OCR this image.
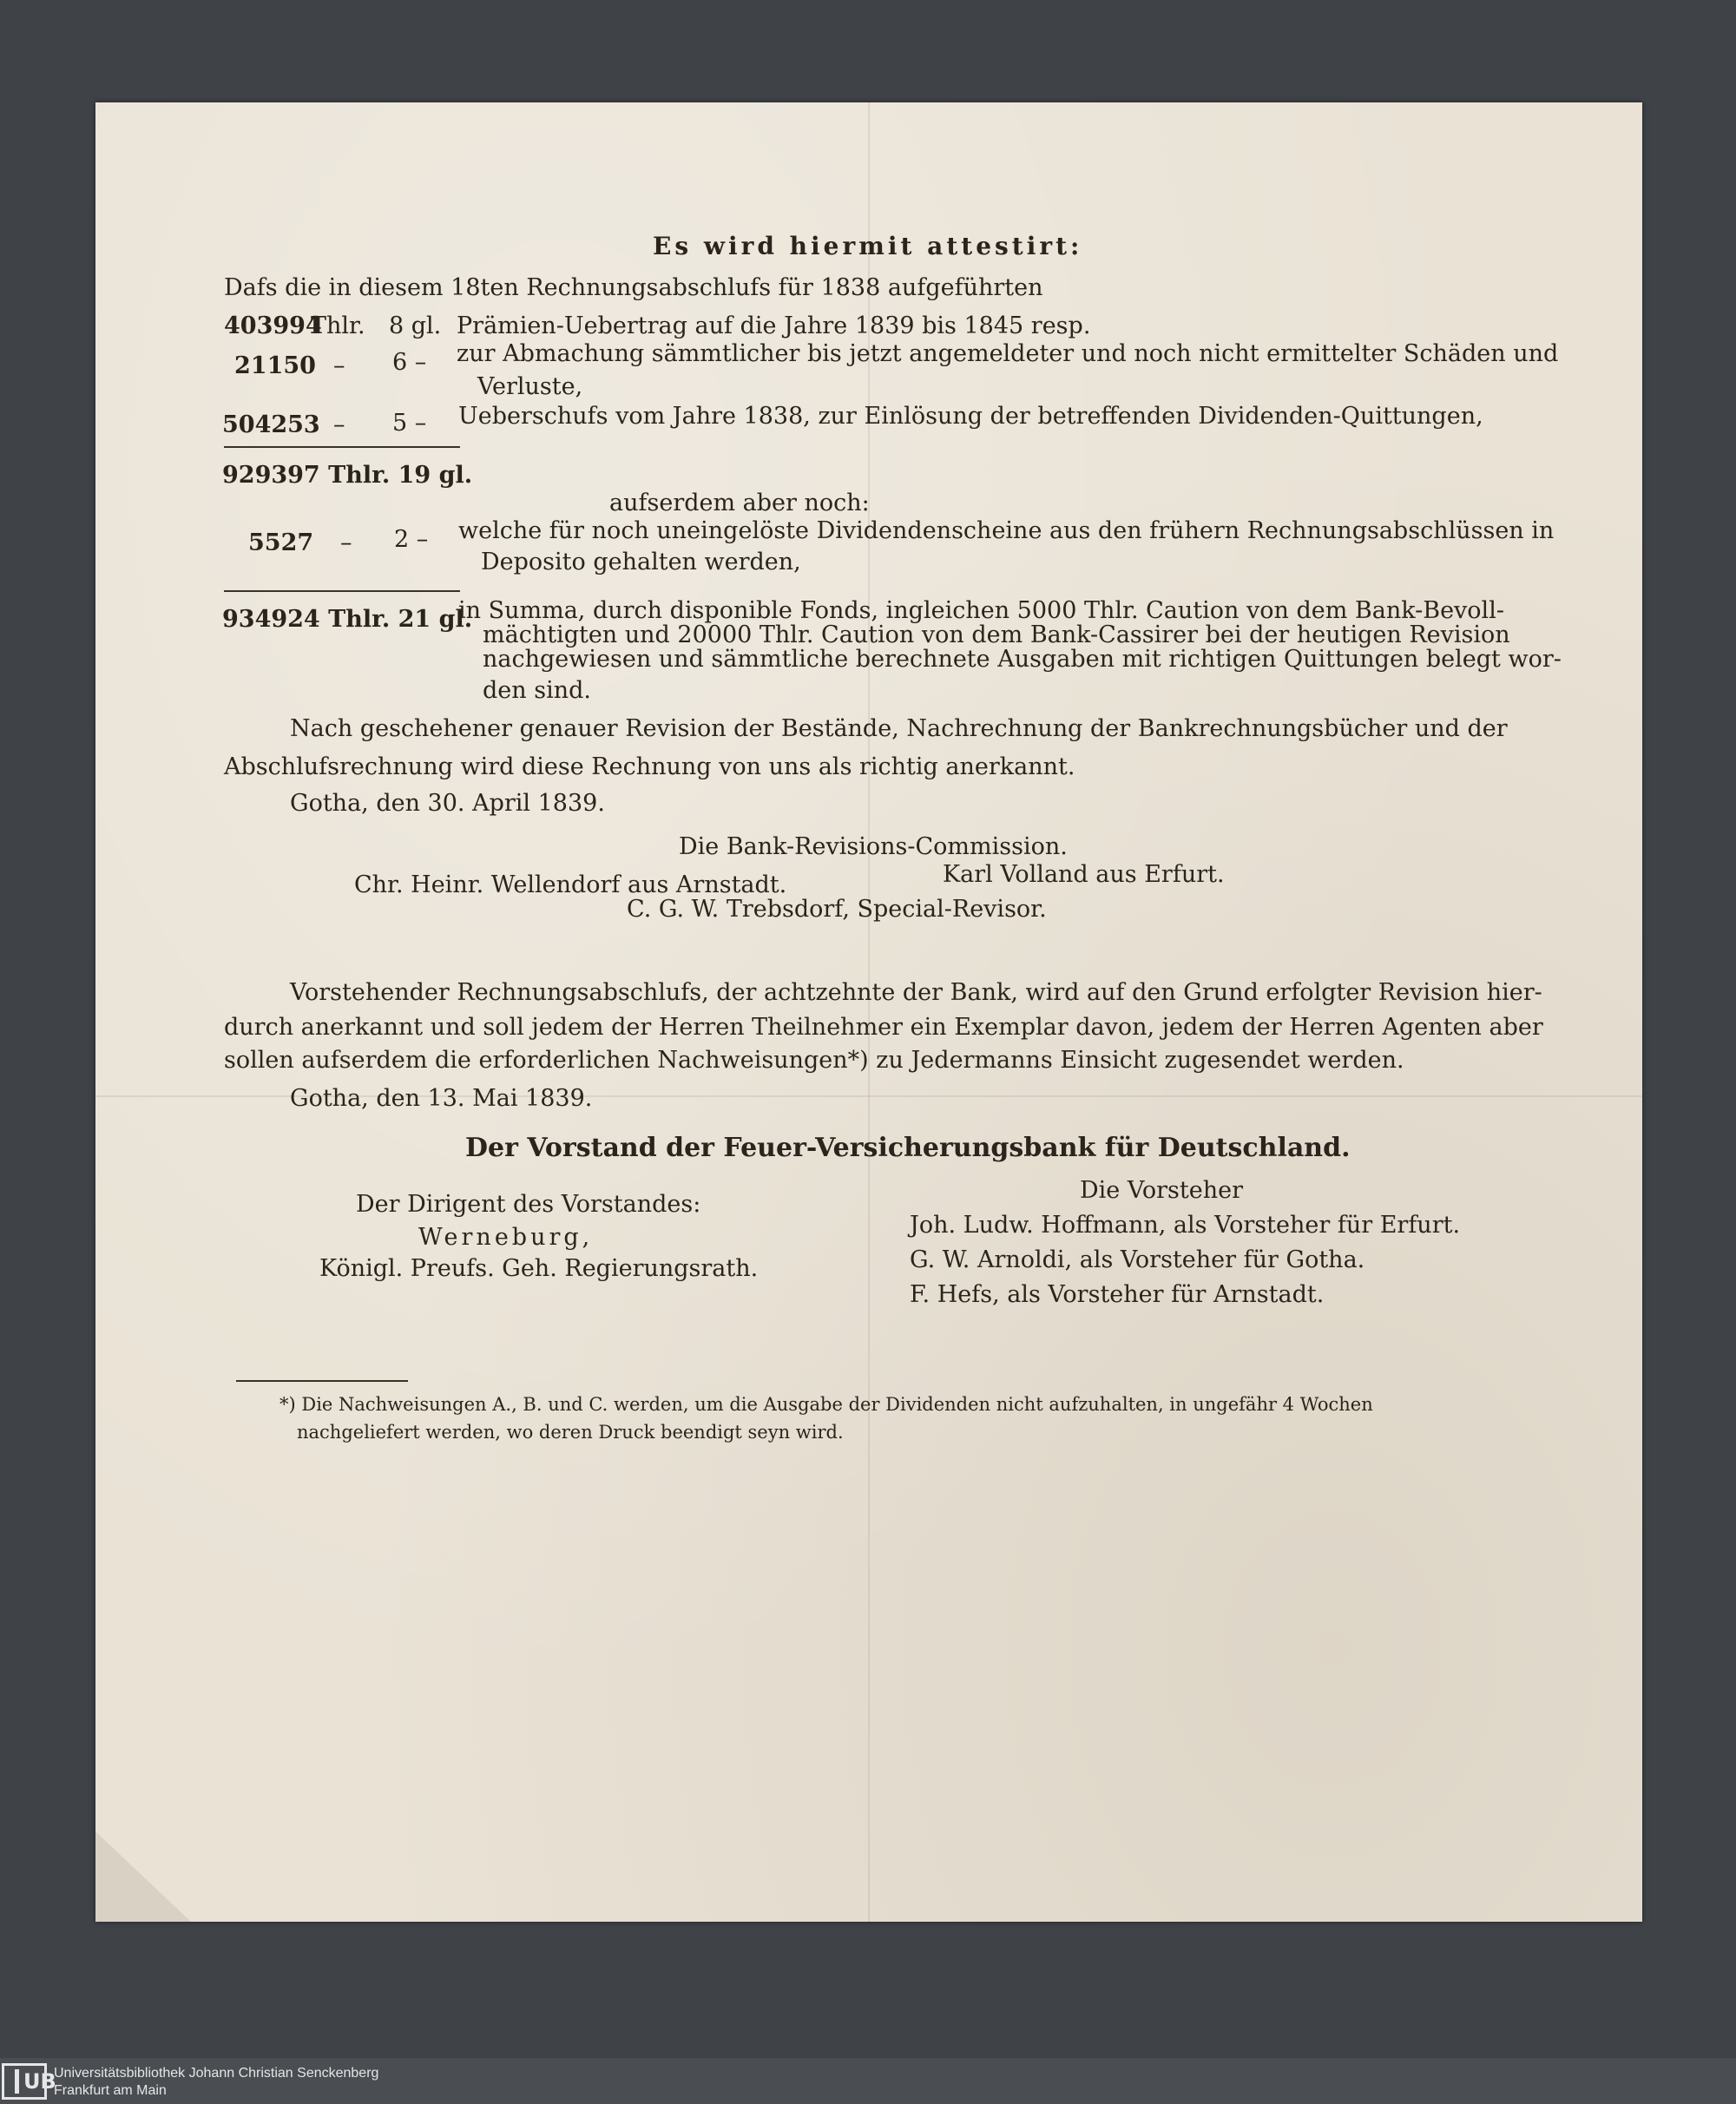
Es wird hiermit attestirt:
Dafs die in diesem 18ten Rechnungsabschlufs für 1838 aufgeführten
403994
Thlr. 8 gl. Prämien-Uebertrag auf die Jahre 1839 bis 1845 resp.
21150 – 6 – zur Abmachung sämmtlicher bis jetzt angemeldeter und noch nicht ermittelter Schäden und
Verluste,
504253 – 5 – Ueberschufs vom Jahre 1838, zur Einlösung der betreffenden Dividenden-Quittungen,
929397 Thlr. 19 gl.
aufserdem aber noch:
5527 – 2 – welche für noch uneingelöste Dividendenscheine aus den frühern Rechnungsabschlüssen in
Deposito gehalten werden,
934924 Thlr. 21 gl.
in Summa, durch disponible Fonds, ingleichen 5000 Thlr. Caution von dem Bank-Bevoll-
mächtigten und 20000 Thlr. Caution von dem Bank-Cassirer bei der heutigen Revision
nachgewiesen und sämmtliche berechnete Ausgaben mit richtigen Quittungen belegt wor-
den sind.
Nach geschehener genauer Revision der Bestände, Nachrechnung der Bankrechnungsbücher und der
Abschlufsrechnung wird diese Rechnung von uns als richtig anerkannt.
Gotha, den 30. April 1839.
Die Bank-Revisions-Commission.
Chr. Heinr. Wellendorf aus Arnstadt.	Karl Volland aus Erfurt.
C. G. W. Trebsdorf, Special-Revisor.
Vorstehender Rechnungsabschlufs, der achtzehnte der Bank, wird auf den Grund erfolgter Revision hier-
durch anerkannt und soll jedem der Herren Theilnehmer ein Exemplar davon, jedem der Herren Agenten aber
sollen aufserdem die erforderlichen Nachweisungen*) zu Jedermanns Einsicht zugesendet werden.
Gotha, den 13. Mai 1839.
Der Vorstand der Feuer-Versicherungsbank für Deutschland.
Der Dirigent des Vorstandes:
Werneburg,
Königl. Preufs. Geh. Regierungsrath.
Die Vorsteher
Joh. Ludw. Hoffmann, als Vorsteher für Erfurt.
G. W. Arnoldi, als Vorsteher für Gotha.
F. Hefs, als Vorsteher für Arnstadt.
*) Die Nachweisungen A., B. und C. werden, um die Ausgabe der Dividenden nicht aufzuhalten, in ungefähr 4 Wochen
nachgeliefert werden, wo deren Druck beendigt seyn wird.
UB
Universitätsbibliothek Johann Christian Senckenberg
Frankfurt am Main
